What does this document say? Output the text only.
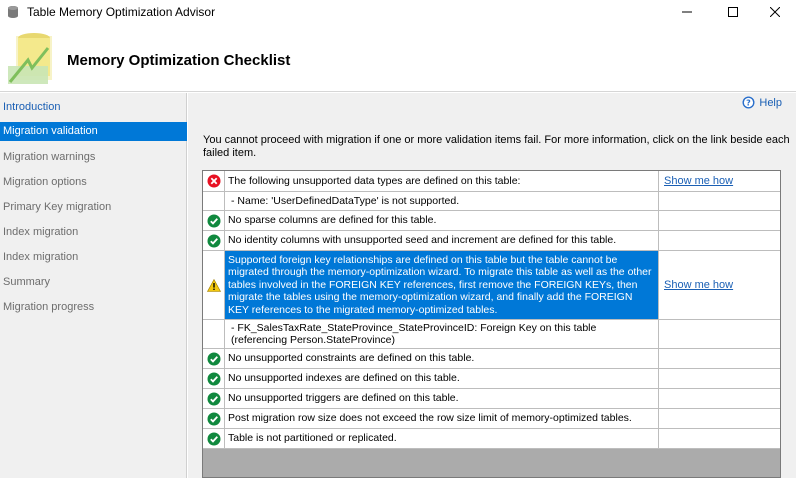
Table Memory Optimization Advisor
Memory Optimization Checklist
Introduction
Migration validation
Migration warnings
Migration options
Primary Key migration
Index migration
Index migration
Summary
Migration progress
? Help
You cannot proceed with migration if one or more validation items fail. For more information, click on the link beside each failed item.
The following unsupported data types are defined on this table:	Show me how
- Name: 'UserDefinedDataType' is not supported.
No sparse columns are defined for this table.
No identity columns with unsupported seed and increment are defined for this table.
Supported foreign key relationships are defined on this table but the table cannot be migrated through the memory-optimization wizard. To migrate this table as well as the other tables involved in the FOREIGN KEY references, first remove the FOREIGN KEYs, then migrate the tables using the memory-optimization wizard, and finally add the FOREIGN KEY references to the migrated memory-optimized tables.
Show me how
- FK_SalesTaxRate_StateProvince_StateProvinceID: Foreign Key on this table (referencing Person.StateProvince)
No unsupported constraints are defined on this table.
No unsupported indexes are defined on this table.
No unsupported triggers are defined on this table.
Post migration row size does not exceed the row size limit of memory-optimized tables.
Table is not partitioned or replicated.
